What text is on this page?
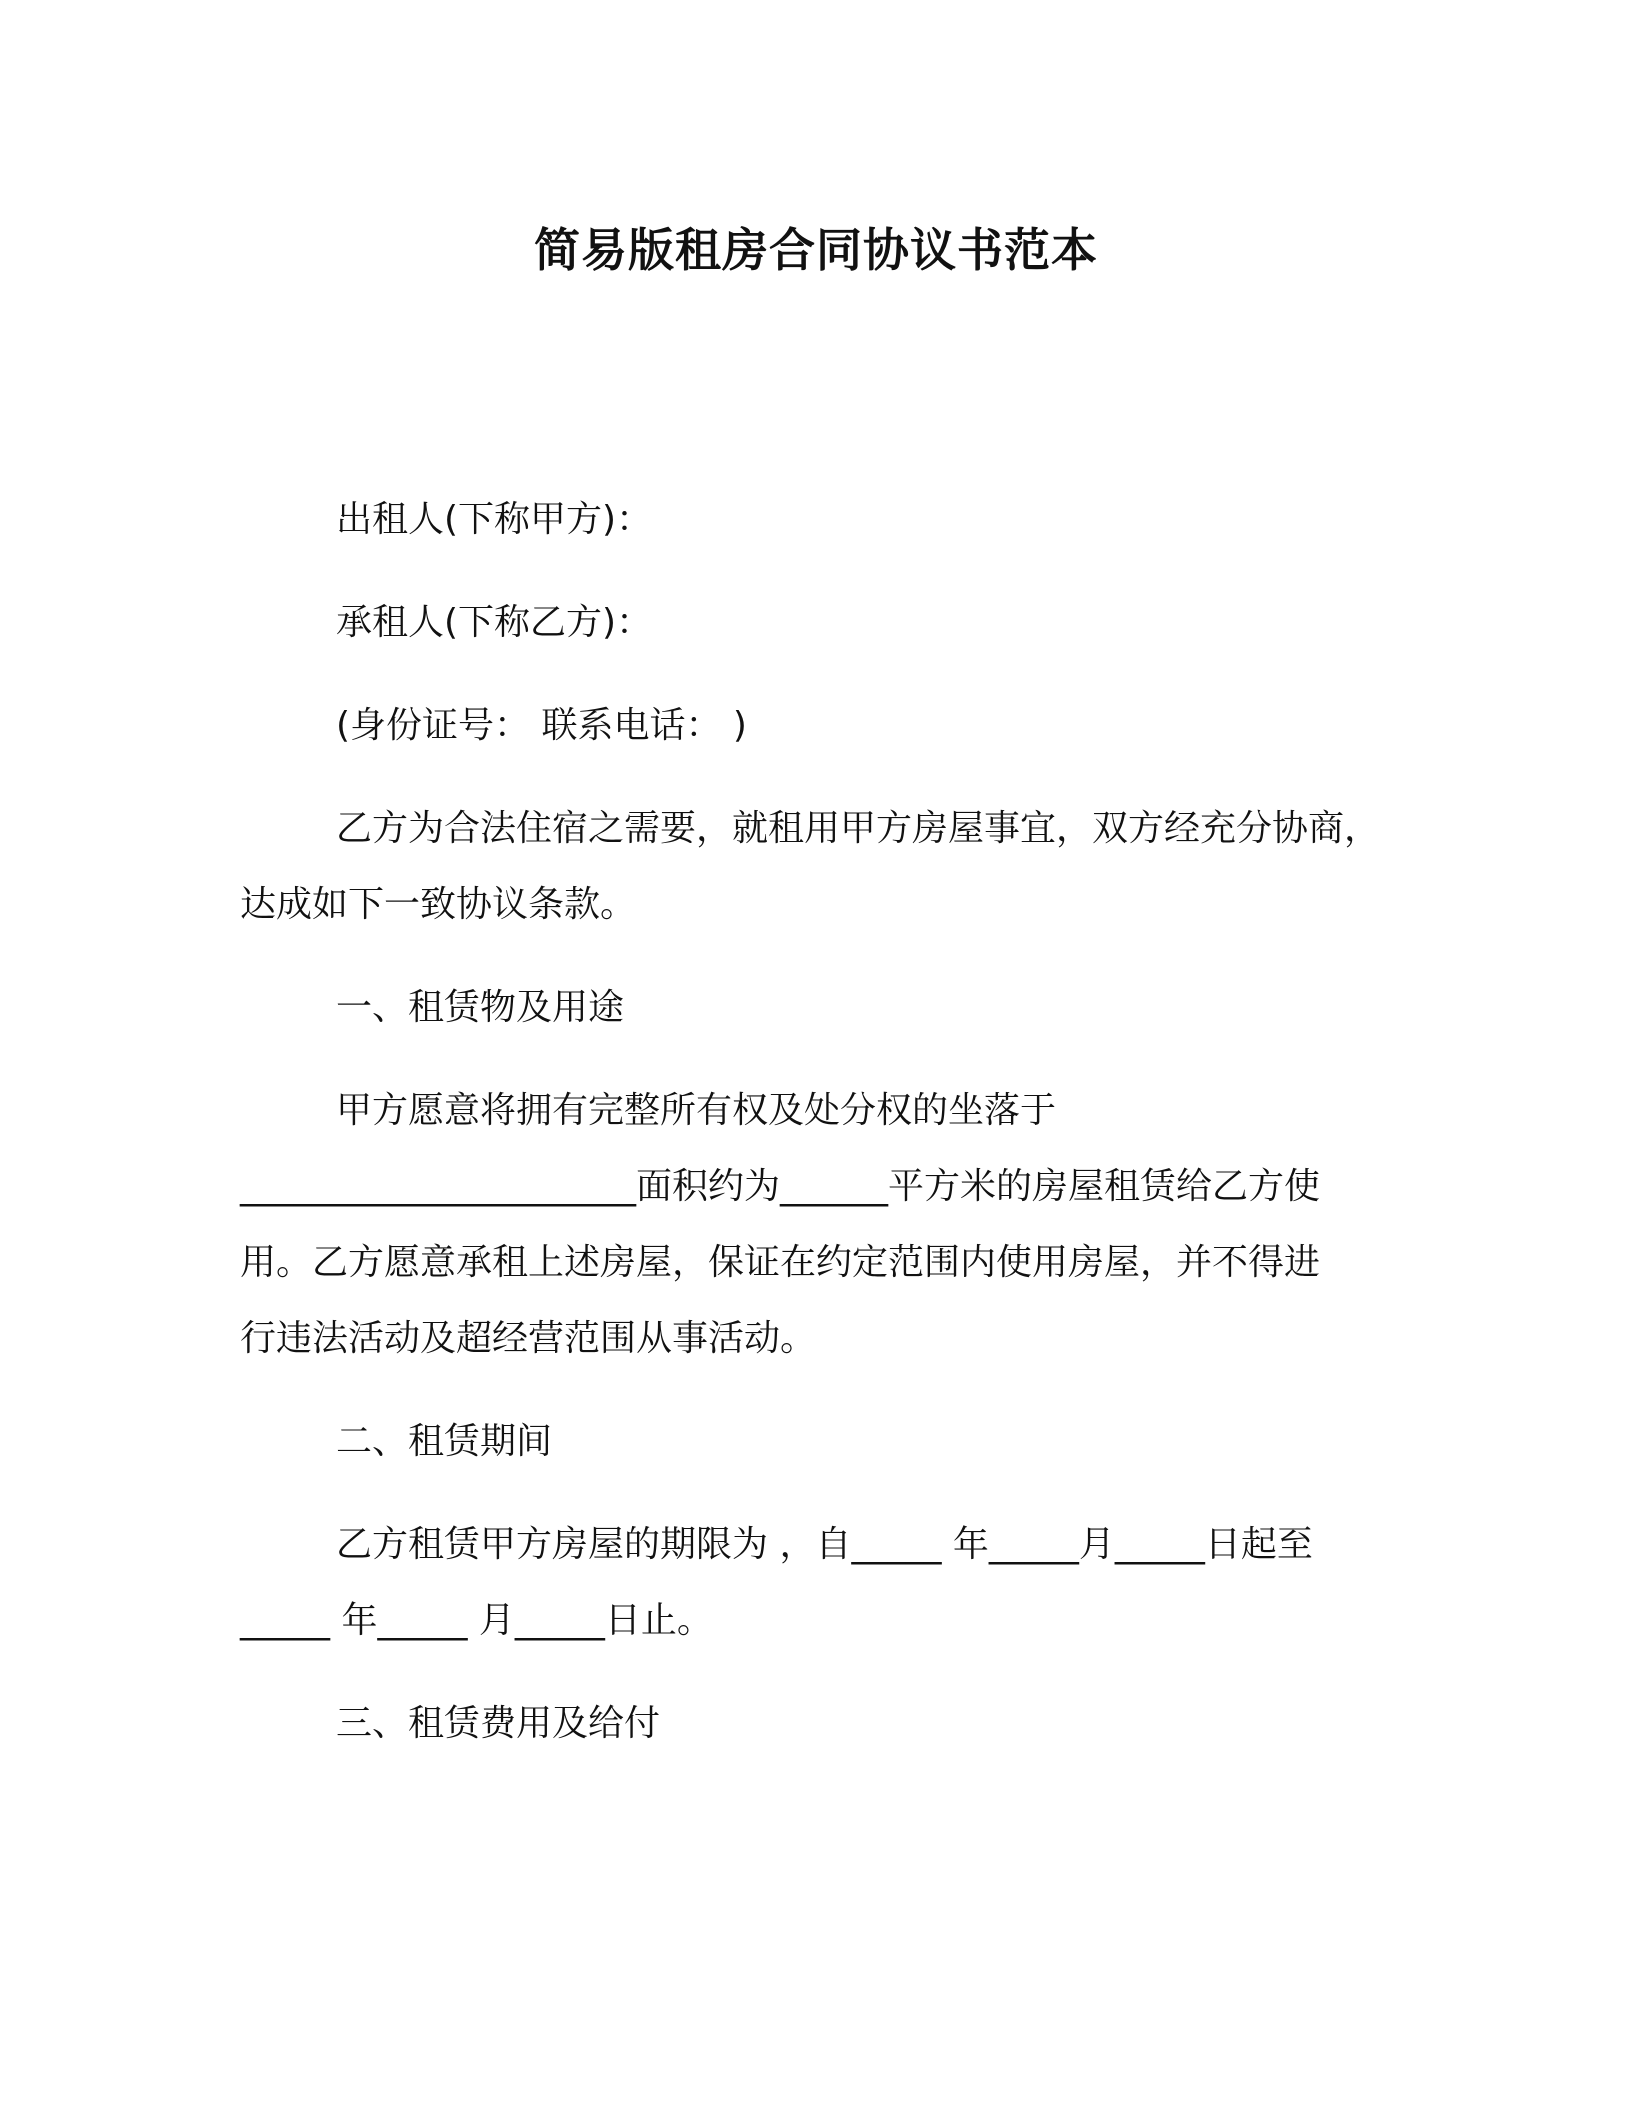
简易版租房合同协议书范本
出租人(下称甲方)：
承租人(下称乙方)：
(身份证号： 联系电话： )
乙方为合法住宿之需要，就租用甲方房屋事宜，双方经充分协商，
达成如下一致协议条款。
一、租赁物及用途
甲方愿意将拥有完整所有权及处分权的坐落于
______________________面积约为______平方米的房屋租赁给乙方使
用。乙方愿意承租上述房屋，保证在约定范围内使用房屋，并不得进
行违法活动及超经营范围从事活动。
二、租赁期间
乙方租赁甲方房屋的期限为 ，自_____ 年_____月_____日起至
_____ 年_____ 月_____日止。
三、租赁费用及给付
